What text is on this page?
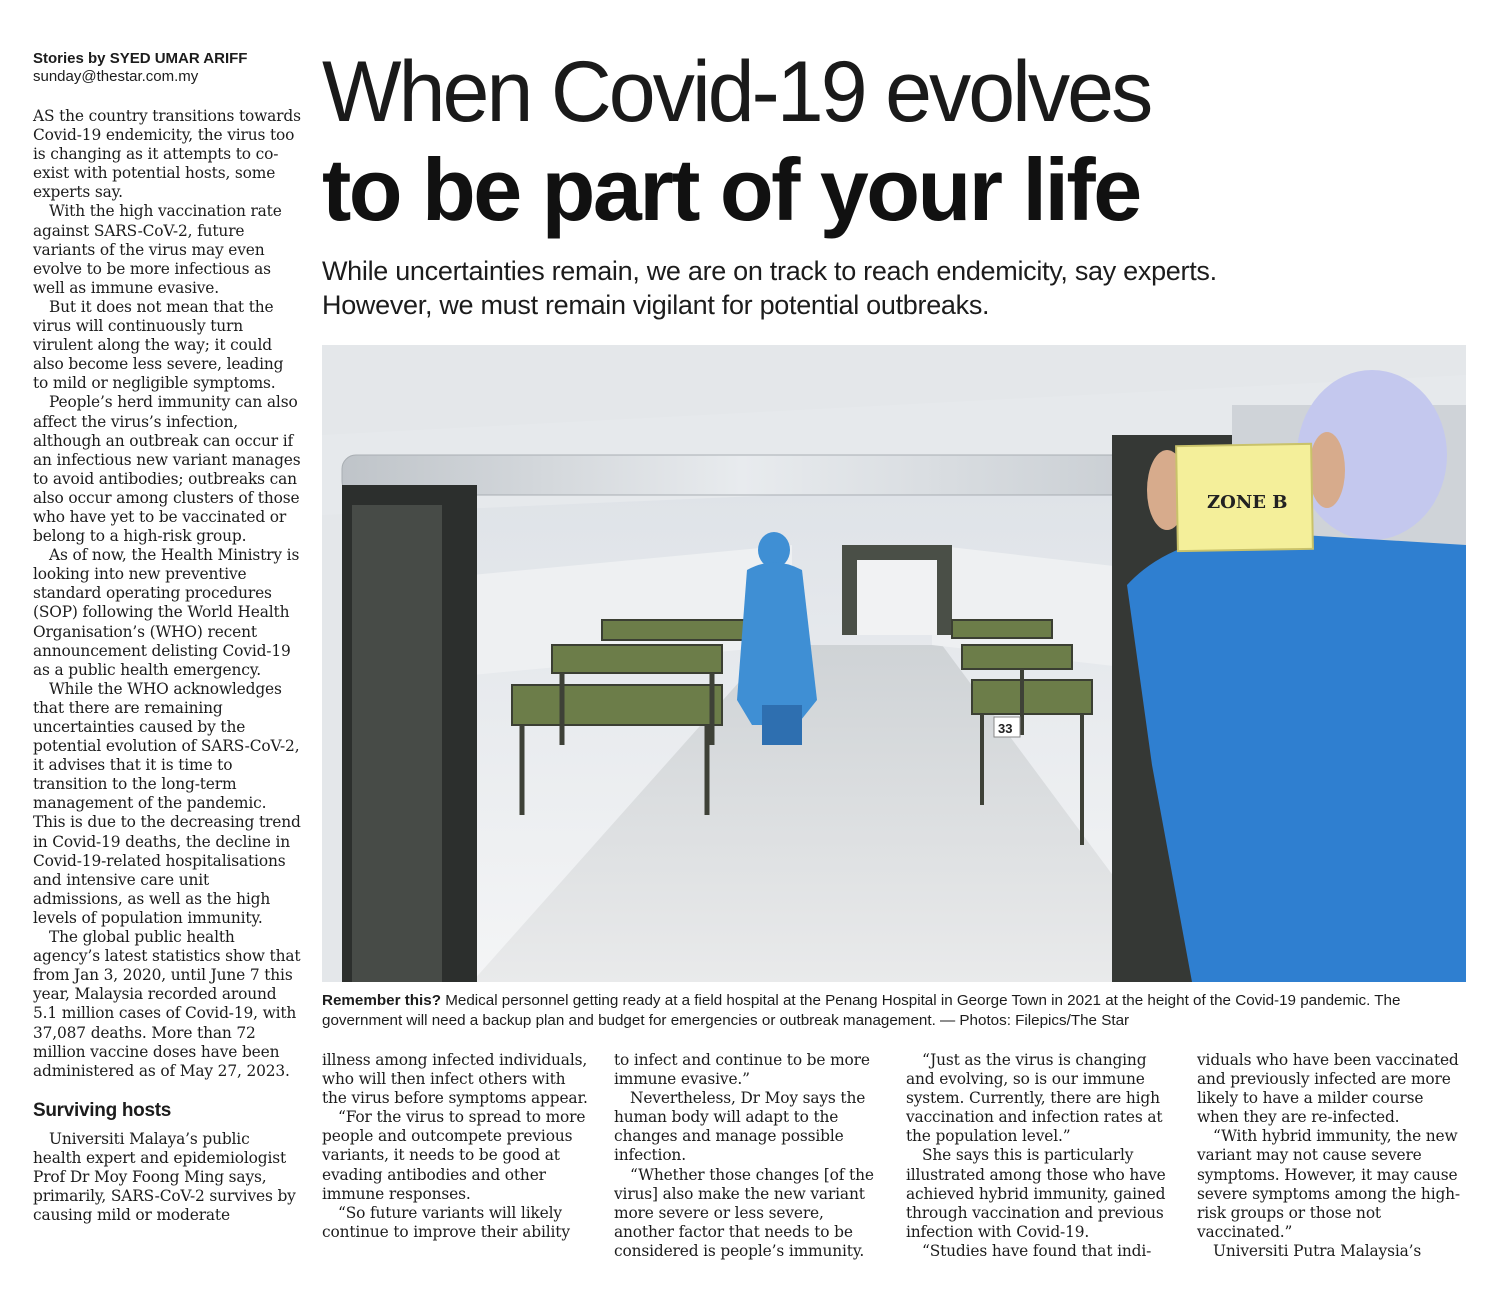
Stories by SYED UMAR ARIFF
sunday@thestar.com.my

AS the country transitions towards Covid-19 endemicity, the virus too is changing as it attempts to co-exist with potential hosts, some experts say.

With the high vaccination rate against SARS-CoV-2, future variants of the virus may even evolve to be more infectious as well as immune evasive.

But it does not mean that the virus will continuously turn virulent along the way; it could also become less severe, leading to mild or negligible symptoms.

People’s herd immunity can also affect the virus’s infection, although an outbreak can occur if an infectious new variant manages to avoid antibodies; outbreaks can also occur among clusters of those who have yet to be vaccinated or belong to a high-risk group.

As of now, the Health Ministry is looking into new preventive standard operating procedures (SOP) following the World Health Organisation’s (WHO) recent announcement delisting Covid-19 as a public health emergency.

While the WHO acknowledges that there are remaining uncertainties caused by the potential evolution of SARS-CoV-2, it advises that it is time to transition to the long-term management of the pandemic. This is due to the decreasing trend in Covid-19 deaths, the decline in Covid-19-related hospitalisations and intensive care unit admissions, as well as the high levels of population immunity.

The global public health agency’s latest statistics show that from Jan 3, 2020, until June 7 this year, Malaysia recorded around 5.1 million cases of Covid-19, with 37,087 deaths. More than 72 million vaccine doses have been administered as of May 27, 2023.

Surviving hosts

Universiti Malaya’s public health expert and epidemiologist Prof Dr Moy Foong Ming says, primarily, SARS-CoV-2 survives by causing mild or moderate

When Covid-19 evolves
to be part of your life

While uncertainties remain, we are on track to reach endemicity, say experts.
However, we must remain vigilant for potential outbreaks.

33
ZONE B

Remember this? Medical personnel getting ready at a field hospital at the Penang Hospital in George Town in 2021 at the height of the Covid-19 pandemic. The government will need a backup plan and budget for emergencies or outbreak management. — Photos: Filepics/The Star

illness among infected individuals, who will then infect others with the virus before symptoms appear.

“For the virus to spread to more people and outcompete previous variants, it needs to be good at evading antibodies and other immune responses.

“So future variants will likely continue to improve their ability

to infect and continue to be more immune evasive.”

Nevertheless, Dr Moy says the human body will adapt to the changes and manage possible infection.

“Whether those changes [of the virus] also make the new variant more severe or less severe, another factor that needs to be considered is people’s immunity.

“Just as the virus is changing and evolving, so is our immune system. Currently, there are high vaccination and infection rates at the population level.”

She says this is particularly illustrated among those who have achieved hybrid immunity, gained through vaccination and previous infection with Covid-19.

“Studies have found that indi-

viduals who have been vaccinated and previously infected are more likely to have a milder course when they are re-infected.

“With hybrid immunity, the new variant may not cause severe symptoms. However, it may cause severe symptoms among the high-risk groups or those not vaccinated.”

Universiti Putra Malaysia’s
